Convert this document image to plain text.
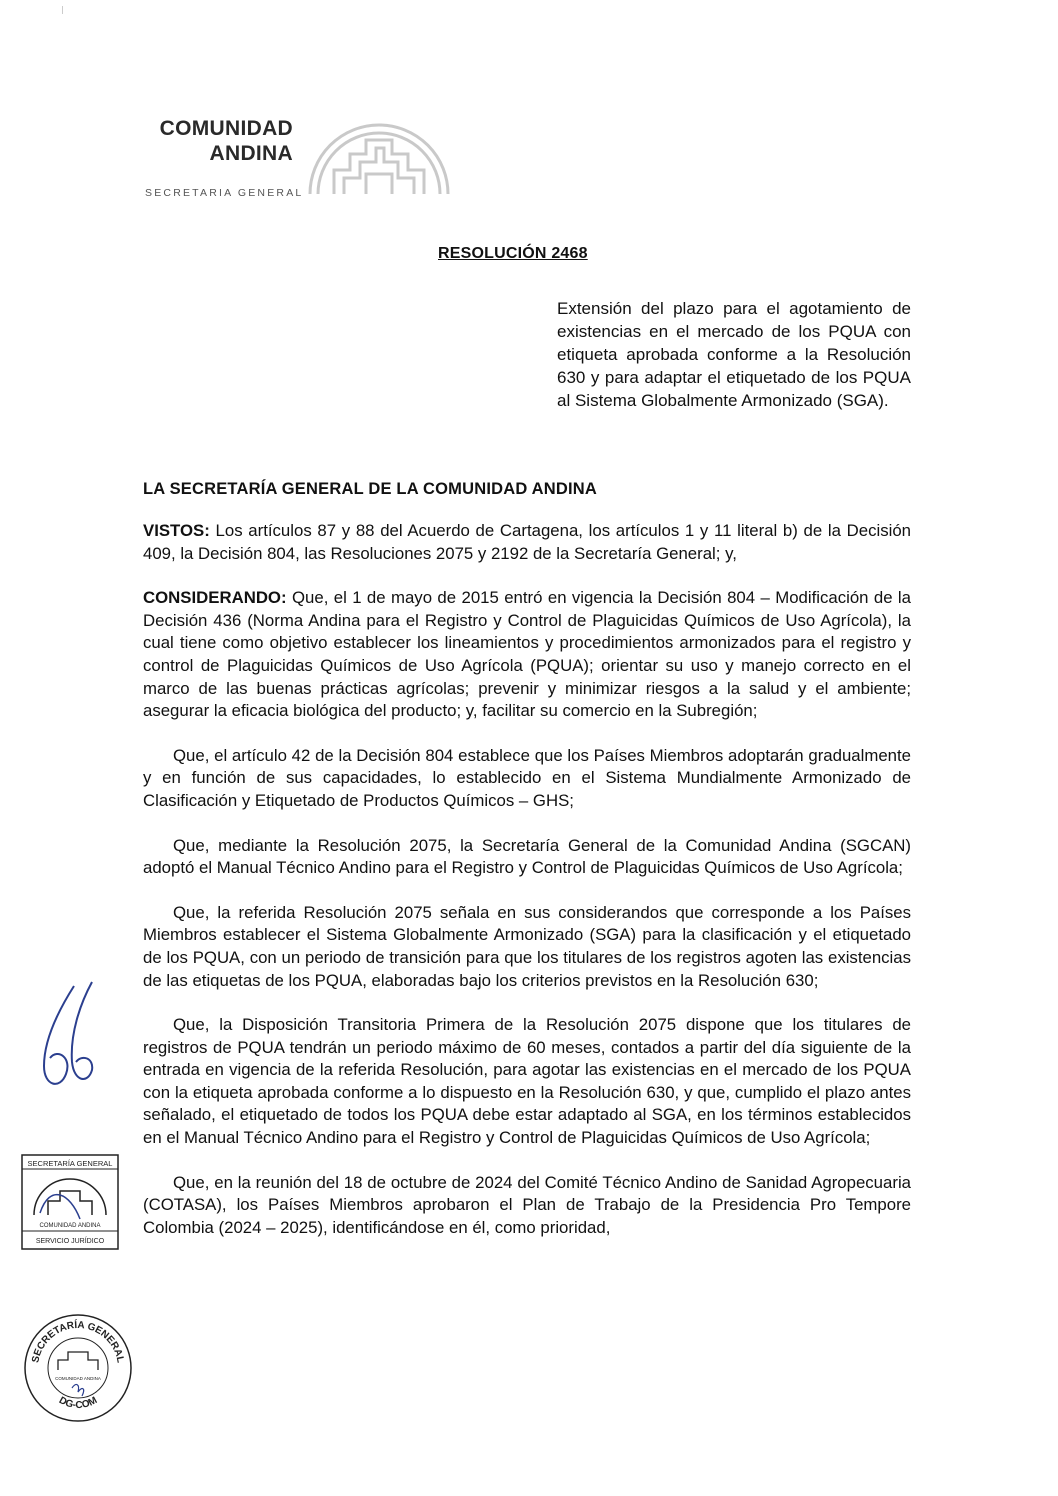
COMUNIDAD
ANDINA
SECRETARIA GENERAL
RESOLUCIÓN 2468
Extensión del plazo para el agotamiento de existencias en el mercado de los PQUA con etiqueta aprobada conforme a la Resolución 630 y para adaptar el etiquetado de los PQUA al Sistema Globalmente Armonizado (SGA).
LA SECRETARÍA GENERAL DE LA COMUNIDAD ANDINA

VISTOS: Los artículos 87 y 88 del Acuerdo de Cartagena, los artículos 1 y 11 literal b) de la Decisión 409, la Decisión 804, las Resoluciones 2075 y 2192 de la Secretaría General; y,

CONSIDERANDO: Que, el 1 de mayo de 2015 entró en vigencia la Decisión 804 – Modificación de la Decisión 436 (Norma Andina para el Registro y Control de Plaguicidas Químicos de Uso Agrícola), la cual tiene como objetivo establecer los lineamientos y procedimientos armonizados para el registro y control de Plaguicidas Químicos de Uso Agrícola (PQUA); orientar su uso y manejo correcto en el marco de las buenas prácticas agrícolas; prevenir y minimizar riesgos a la salud y el ambiente; asegurar la eficacia biológica del producto; y, facilitar su comercio en la Subregión;

Que, el artículo 42 de la Decisión 804 establece que los Países Miembros adoptarán gradualmente y en función de sus capacidades, lo establecido en el Sistema Mundialmente Armonizado de Clasificación y Etiquetado de Productos Químicos – GHS;

Que, mediante la Resolución 2075, la Secretaría General de la Comunidad Andina (SGCAN) adoptó el Manual Técnico Andino para el Registro y Control de Plaguicidas Químicos de Uso Agrícola;

Que, la referida Resolución 2075 señala en sus considerandos que corresponde a los Países Miembros establecer el Sistema Globalmente Armonizado (SGA) para la clasificación y el etiquetado de los PQUA, con un periodo de transición para que los titulares de los registros agoten las existencias de las etiquetas de los PQUA, elaboradas bajo los criterios previstos en la Resolución 630;

Que, la Disposición Transitoria Primera de la Resolución 2075 dispone que los titulares de registros de PQUA tendrán un periodo máximo de 60 meses, contados a partir del día siguiente de la entrada en vigencia de la referida Resolución, para agotar las existencias en el mercado de los PQUA con la etiqueta aprobada conforme a lo dispuesto en la Resolución 630, y que, cumplido el plazo antes señalado, el etiquetado de todos los PQUA debe estar adaptado al SGA, en los términos establecidos en el Manual Técnico Andino para el Registro y Control de Plaguicidas Químicos de Uso Agrícola;

Que, en la reunión del 18 de octubre de 2024 del Comité Técnico Andino de Sanidad Agropecuaria (COTASA), los Países Miembros aprobaron el Plan de Trabajo de la Presidencia Pro Tempore Colombia (2024 – 2025), identificándose en él, como prioridad,

SECRETARÍA GENERAL
COMUNIDAD ANDINA
SERVICIO JURÍDICO
SECRETARÍA GENERAL
DG-COM
COMUNIDAD ANDINA
